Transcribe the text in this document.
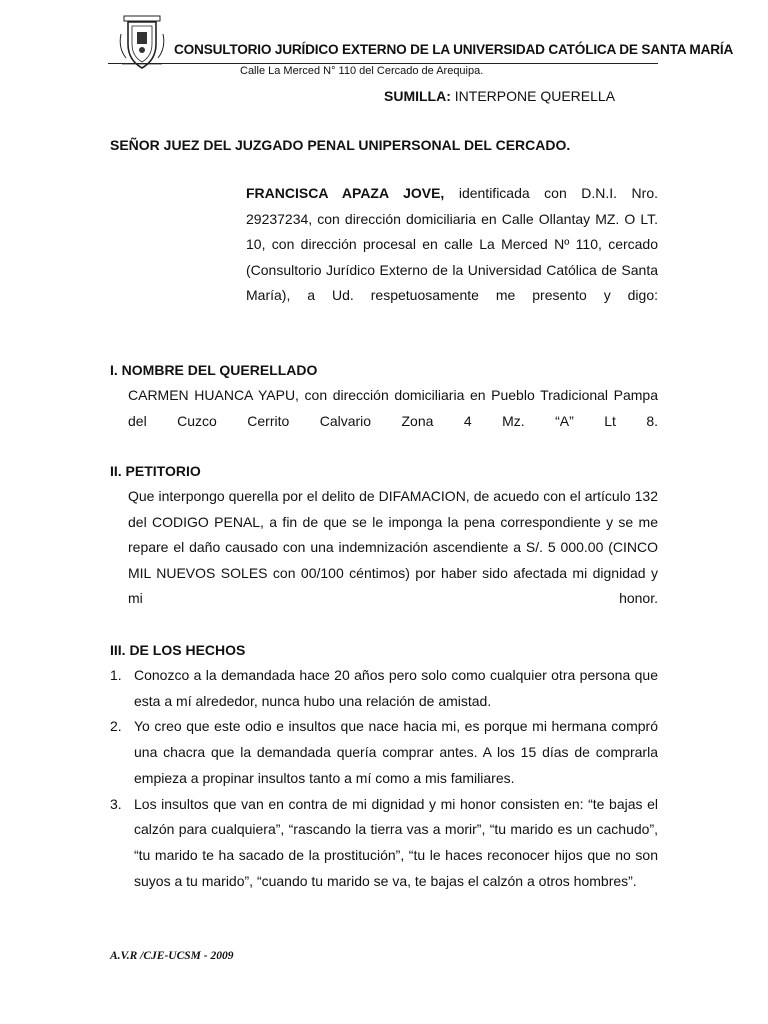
CONSULTORIO JURÍDICO EXTERNO DE LA UNIVERSIDAD CATÓLICA DE SANTA MARÍA
Calle La Merced N° 110 del Cercado de Arequipa.
SUMILLA: INTERPONE QUERELLA
SEÑOR JUEZ DEL JUZGADO PENAL UNIPERSONAL DEL CERCADO.
FRANCISCA APAZA JOVE, identificada con D.N.I. Nro. 29237234, con dirección domiciliaria en Calle Ollantay MZ. O LT. 10, con dirección procesal en calle La Merced Nº 110, cercado (Consultorio Jurídico Externo de la Universidad Católica de Santa María), a Ud. respetuosamente me presento y digo:
I. NOMBRE DEL QUERELLADO
CARMEN HUANCA YAPU, con dirección domiciliaria en Pueblo Tradicional Pampa del Cuzco Cerrito Calvario Zona 4 Mz. “A” Lt 8.
II. PETITORIO
Que interpongo querella por el delito de DIFAMACION, de acuedo con el artículo 132 del CODIGO PENAL, a fin de que se le imponga la pena correspondiente y se me repare el daño causado con una indemnización ascendiente a S/. 5 000.00 (CINCO MIL NUEVOS SOLES con 00/100 céntimos) por haber sido afectada mi dignidad y mi honor.
III. DE LOS HECHOS
1. Conozco a la demandada hace 20 años pero solo como cualquier otra persona que esta a mí alrededor, nunca hubo una relación de amistad.
2. Yo creo que este odio e insultos que nace hacia mi, es porque mi hermana compró una chacra que la demandada quería comprar antes. A los 15 días de comprarla empieza a propinar insultos tanto a mí como a mis familiares.
3. Los insultos que van en contra de mi dignidad y mi honor consisten en: “te bajas el calzón para cualquiera”, “rascando la tierra vas a morir”, “tu marido es un cachudo”, “tu marido te ha sacado de la prostitución”, “tu le haces reconocer hijos que no son suyos a tu marido”, “cuando tu marido se va, te bajas el calzón a otros hombres”.
A.V.R /CJE-UCSM - 2009
